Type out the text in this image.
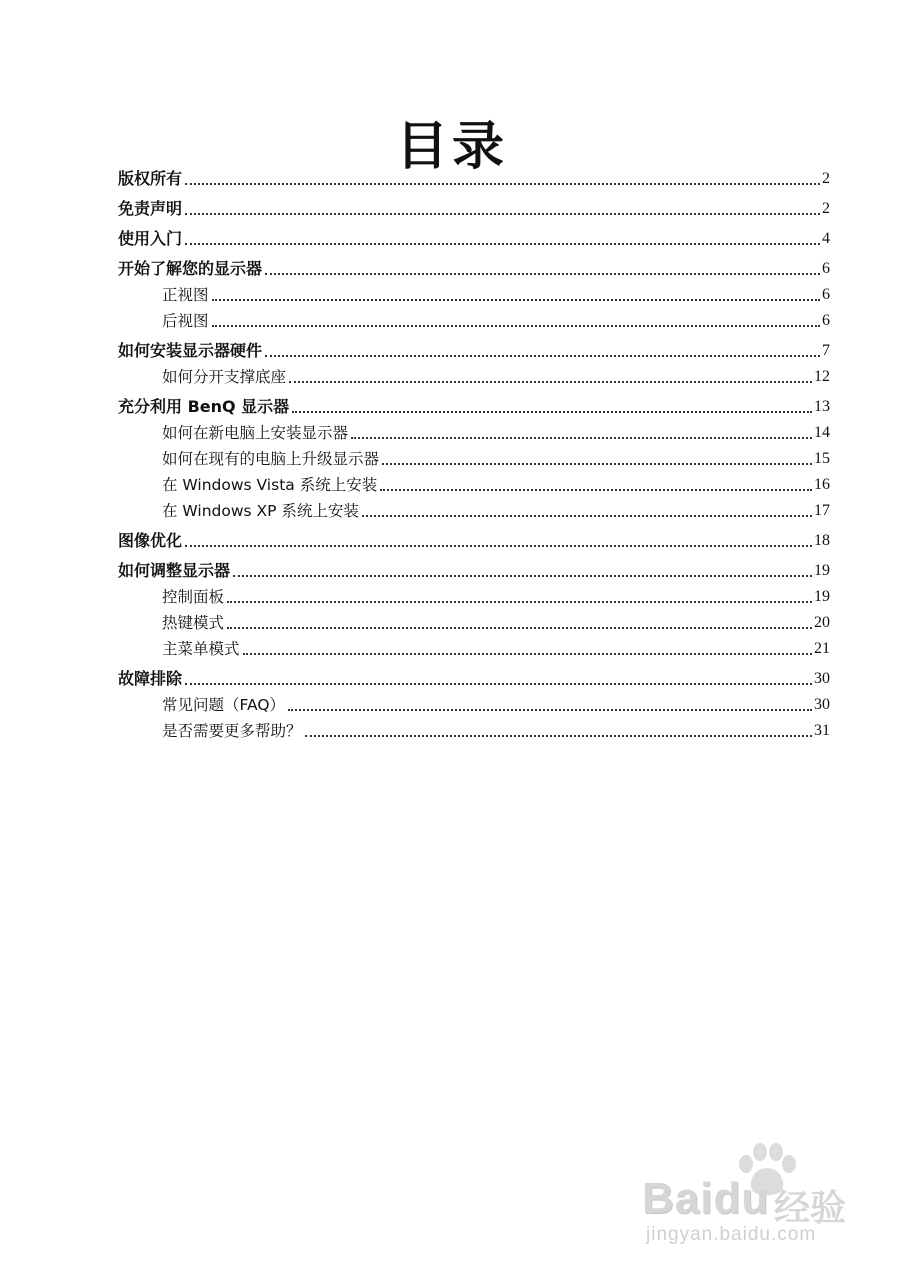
目录
版权所有	2
免责声明	2
使用入门	4
开始了解您的显示器	6
正视图	6
后视图	6
如何安装显示器硬件	7
如何分开支撑底座	12
充分利用 BenQ 显示器	13
如何在新电脑上安装显示器	14
如何在现有的电脑上升级显示器	15
在 Windows Vista 系统上安装	16
在 Windows XP 系统上安装	17
图像优化	18
如何调整显示器	19
控制面板	19
热键模式	20
主菜单模式	21
故障排除	30
常见问题（FAQ）	30
是否需要更多帮助？	31
Baidu 经验
jingyan.baidu.com
